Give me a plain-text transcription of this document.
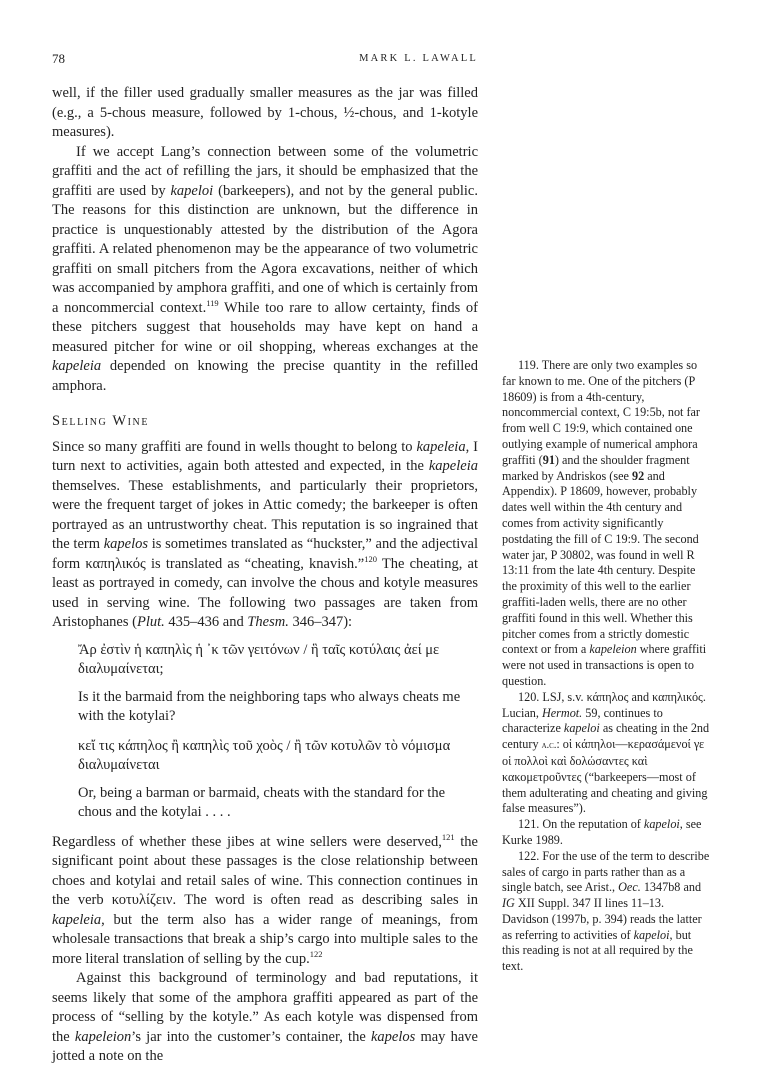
78	MARK L. LAWALL

well, if the filler used gradually smaller measures as the jar was filled (e.g., a 5-chous measure, followed by 1-chous, ½-chous, and 1-kotyle measures).

If we accept Lang’s connection between some of the volumetric graffiti and the act of refilling the jars, it should be emphasized that the graffiti are used by kapeloi (barkeepers), and not by the general public. The reasons for this distinction are unknown, but the difference in practice is unquestionably attested by the distribution of the Agora graffiti. A related phenomenon may be the appearance of two volumetric graffiti on small pitchers from the Agora excavations, neither of which was accompanied by amphora graffiti, and one of which is certainly from a noncommercial context.$^{119}$ While too rare to allow certainty, finds of these pitchers suggest that households may have kept on hand a measured pitcher for wine or oil shopping, whereas exchanges at the kapeleia depended on knowing the precise quantity in the refilled amphora.

Selling Wine

Since so many graffiti are found in wells thought to belong to kapeleia, I turn next to activities, again both attested and expected, in the kapeleia themselves. These establishments, and particularly their proprietors, were the frequent target of jokes in Attic comedy; the barkeeper is often portrayed as an untrustworthy cheat. This reputation is so ingrained that the term kapelos is sometimes translated as “huckster,” and the adjectival form καπηλικός is translated as “cheating, knavish.”$^{120}$ The cheating, at least as portrayed in comedy, can involve the chous and kotyle measures used in serving wine. The following two passages are taken from Aristophanes (Plut. 435–436 and Thesm. 346–347):

Ἄρ ἐστὶν ἡ καπηλὶς ἡ ᾽κ τῶν γειτόνων / ἣ ταῖς κοτύλαις ἀεί με διαλυμαίνεται;

Is it the barmaid from the neighboring taps who always cheats me with the kotylai?

κεἴ τις κάπηλος ἢ καπηλὶς τοῦ χοὸς / ἢ τῶν κοτυλῶν τὸ νόμισμα διαλυμαίνεται

Or, being a barman or barmaid, cheats with the standard for the chous and the kotylai . . . .

Regardless of whether these jibes at wine sellers were deserved,$^{121}$ the significant point about these passages is the close relationship between choes and kotylai and retail sales of wine. This connection continues in the verb κοτυλίζειν. The word is often read as describing sales in kapeleia, but the term also has a wider range of meanings, from wholesale transactions that break a ship’s cargo into multiple sales to the more literal translation of selling by the cup.$^{122}$

Against this background of terminology and bad reputations, it seems likely that some of the amphora graffiti appeared as part of the process of “selling by the kotyle.” As each kotyle was dispensed from the kapeleion’s jar into the customer’s container, the kapelos may have jotted a note on the

119. There are only two examples so far known to me. One of the pitchers (P 18609) is from a 4th-century, noncommercial context, C 19:5b, not far from well C 19:9, which contained one outlying example of numerical amphora graffiti (91) and the shoulder fragment marked by Andriskos (see 92 and Appendix). P 18609, however, probably dates well within the 4th century and comes from activity significantly postdating the fill of C 19:9. The second water jar, P 30802, was found in well R 13:11 from the late 4th century. Despite the proximity of this well to the earlier graffiti-laden wells, there are no other graffiti found in this well. Whether this pitcher comes from a strictly domestic context or from a kapeleion where graffiti were not used in transactions is open to question.

120. LSJ, s.v. κάπηλος and καπηλικός. Lucian, Hermot. 59, continues to characterize kapeloi as cheating in the 2nd century a.c.: οἱ κάπηλοι—κερασάμενοί γε οἱ πολλοὶ καὶ δολώσαντες καὶ κακομετροῦντες (“barkeepers—most of them adulterating and cheating and giving false measures”).

121. On the reputation of kapeloi, see Kurke 1989.

122. For the use of the term to describe sales of cargo in parts rather than as a single batch, see Arist., Oec. 1347b8 and IG XII Suppl. 347 II lines 11–13. Davidson (1997b, p. 394) reads the latter as referring to activities of kapeloi, but this reading is not at all required by the text.
